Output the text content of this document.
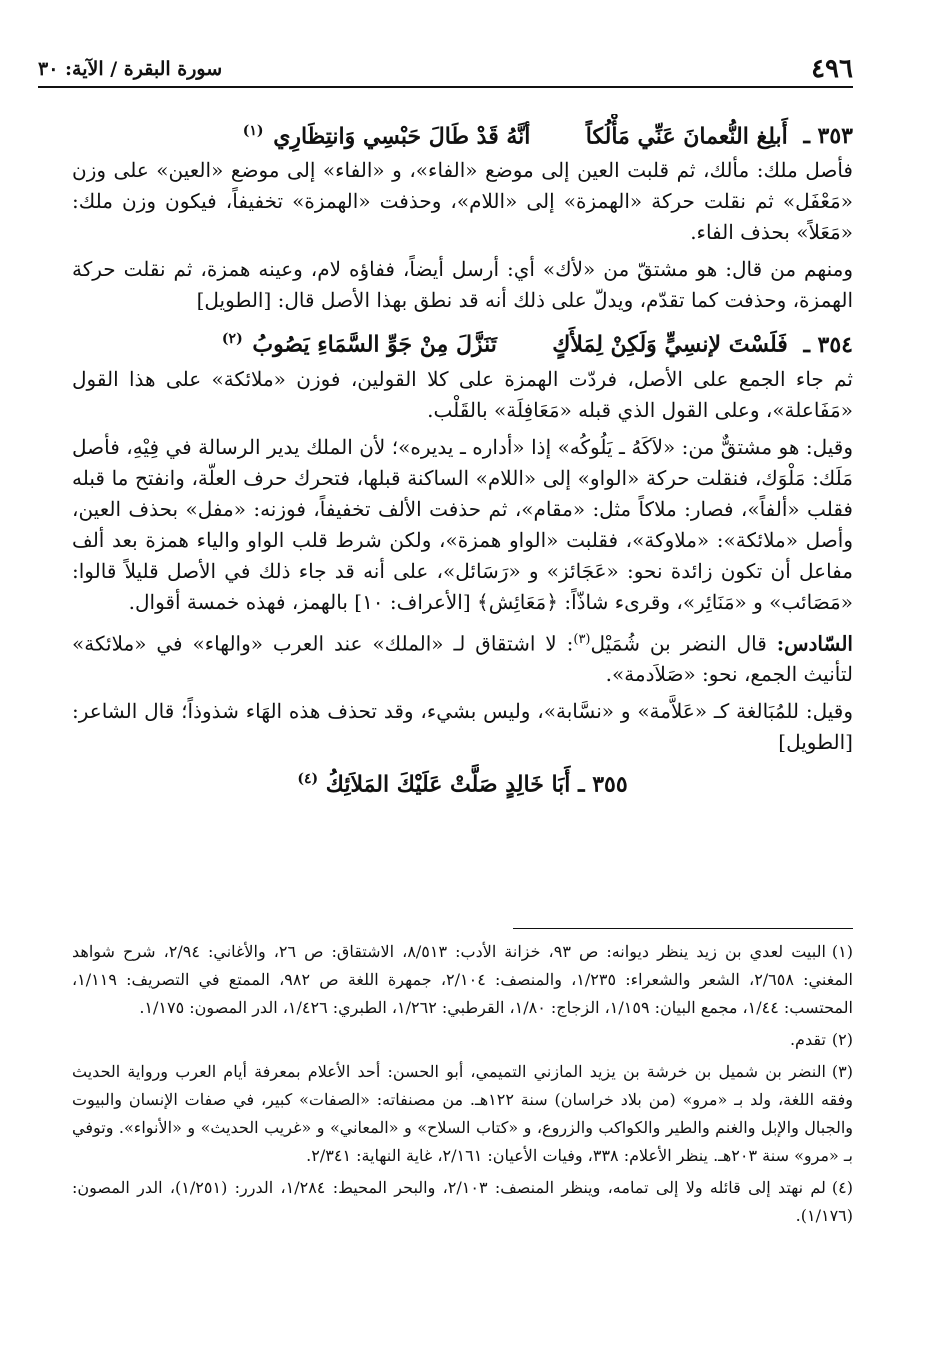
٤٩٦
سورة البقرة / الآية: ٣٠
٣٥٣ ـ أَبلِغ النُّعمانَ عَنِّي مَأْلُكاً  أنَّهُ قَدْ طَالَ حَبْسِي وَانتِظَارِي $^{(١)}$

فأصل ملك: مألك، ثم قلبت العين إلى موضع «الفاء»، و «الفاء» إلى موضع «العين» على وزن «مَعْفَل» ثم نقلت حركة «الهمزة» إلى «اللام»، وحذفت «الهمزة» تخفيفاً، فيكون وزن ملك: «مَعَلاً» بحذف الفاء.

ومنهم من قال: هو مشتقّ من «لأك» أي: أرسل أيضاً، ففاؤه لام، وعينه همزة، ثم نقلت حركة الهمزة، وحذفت كما تقدّم، ويدلّ على ذلك أنه قد نطق بهذا الأصل قال: [الطويل]

٣٥٤ ـ فَلَسْتَ لإنسِيٍّ وَلَكِنْ لِمَلأَكٍ  تَنَزَّلَ مِنْ جَوِّ السَّمَاءِ يَصُوبُ $^{(٢)}$

ثم جاء الجمع على الأصل، فردّت الهمزة على كلا القولين، فوزن «ملائكة» على هذا القول «مَفَاعلة»، وعلى القول الذي قبله «مَعَافِلَة» بالقَلْب.

وقيل: هو مشتقٌّ من: «لاَكَهُ ـ يَلُوكُه» إذا «أداره ـ يديره»؛ لأن الملك يدير الرسالة في فِيْهِ، فأصل مَلَك: مَلْوَك، فنقلت حركة «الواو» إلى «اللام» الساكنة قبلها، فتحرك حرف العلّة، وانفتح ما قبله فقلب «ألفاً»، فصار: ملاكاً مثل: «مقام»، ثم حذفت الألف تخفيفاً، فوزنه: «مفل» بحذف العين، وأصل «ملائكة»: «ملاوكة»، فقلبت «الواو همزة»، ولكن شرط قلب الواو والياء همزة بعد ألف مفاعل أن تكون زائدة نحو: «عَجَائز» و «رَسَائل»، على أنه قد جاء ذلك في الأصل قليلاً قالوا: «مَصَائب» و «مَنَائِر»، وقرىء شاذّاً: ﴿مَعَائِش﴾ [الأعراف: ١٠] بالهمز، فهذه خمسة أقوال.

السّادس: قال النضر بن شُمَيْل$^{(٣)}$: لا اشتقاق لـ «الملك» عند العرب «والهاء» في «ملائكة» لتأنيث الجمع، نحو: «صَلاَدمة».

وقيل: للمُبَالغة كـ «عَلاَّمة» و «نسَّابة»، وليس بشيء، وقد تحذف هذه الهَاء شذوذاً؛ قال الشاعر: [الطويل]

٣٥٥ ـ أَبَا خَالِدٍ صَلَّتْ عَلَيْكَ المَلاَئِكُ $^{(٤)}$

(١)البيت لعدي بن زيد ينظر ديوانه: ص ٩٣، خزانة الأدب: ٨/٥١٣، الاشتقاق: ص ٢٦، والأغاني: ٢/٩٤، شرح شواهد المغني: ٢/٦٥٨، الشعر والشعراء: ١/٢٣٥، والمنصف: ٢/١٠٤، جمهرة اللغة ص ٩٨٢، الممتع في التصريف: ١/١١٩، المحتسب: ١/٤٤، مجمع البيان: ١/١٥٩، الزجاج: ١/٨٠، القرطبي: ١/٢٦٢، الطبري: ١/٤٢٦، الدر المصون: ١/١٧٥.

(٢)تقدم.

(٣)النضر بن شميل بن خرشة بن يزيد المازني التميمي، أبو الحسن: أحد الأعلام بمعرفة أيام العرب ورواية الحديث وفقه اللغة، ولد بـ «مرو» (من بلاد خراسان) سنة ١٢٢هـ. من مصنفاته: «الصفات» كبير، في صفات الإنسان والبيوت والجبال والإبل والغنم والطير والكواكب والزروع، و «كتاب السلاح» و «المعاني» و «غريب الحديث» و «الأنواء». وتوفي بـ «مرو» سنة ٢٠٣هـ. ينظر الأعلام: ٣٣٨، وفيات الأعيان: ٢/١٦١، غاية النهاية: ٢/٣٤١.

(٤)لم نهتد إلى قائله ولا إلى تمامه، وينظر المنصف: ٢/١٠٣، والبحر المحيط: ١/٢٨٤، الدرر: (١/٢٥١)، الدر المصون: (١/١٧٦).
